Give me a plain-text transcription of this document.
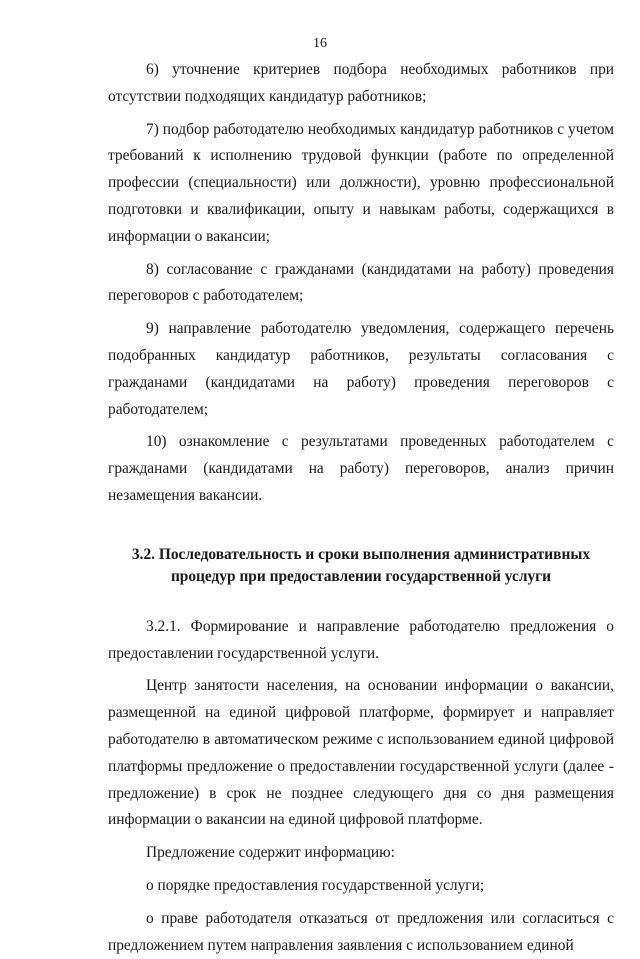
16

6) уточнение критериев подбора необходимых работников при отсутствии подходящих кандидатур работников;

7) подбор работодателю необходимых кандидатур работников с учетом требований к исполнению трудовой функции (работе по определенной профессии (специальности) или должности), уровню профессиональной подготовки и квалификации, опыту и навыкам работы, содержащихся в информации о вакансии;

8) согласование с гражданами (кандидатами на работу) проведения переговоров с работодателем;

9) направление работодателю уведомления, содержащего перечень подобранных кандидатур работников, результаты согласования с гражданами (кандидатами на работу) проведения переговоров с работодателем;

10) ознакомление с результатами проведенных работодателем с гражданами (кандидатами на работу) переговоров, анализ причин незамещения вакансии.

3.2. Последовательность и сроки выполнения административных
процедур при предоставлении государственной услуги

3.2.1. Формирование и направление работодателю предложения о предоставлении государственной услуги.

Центр занятости населения, на основании информации о вакансии, размещенной на единой цифровой платформе, формирует и направляет работодателю в автоматическом режиме с использованием единой цифровой платформы предложение о предоставлении государственной услуги (далее - предложение) в срок не позднее следующего дня со дня размещения информации о вакансии на единой цифровой платформе.

Предложение содержит информацию:

о порядке предоставления государственной услуги;

о праве работодателя отказаться от предложения или согласиться с предложением путем направления заявления с использованием единой
